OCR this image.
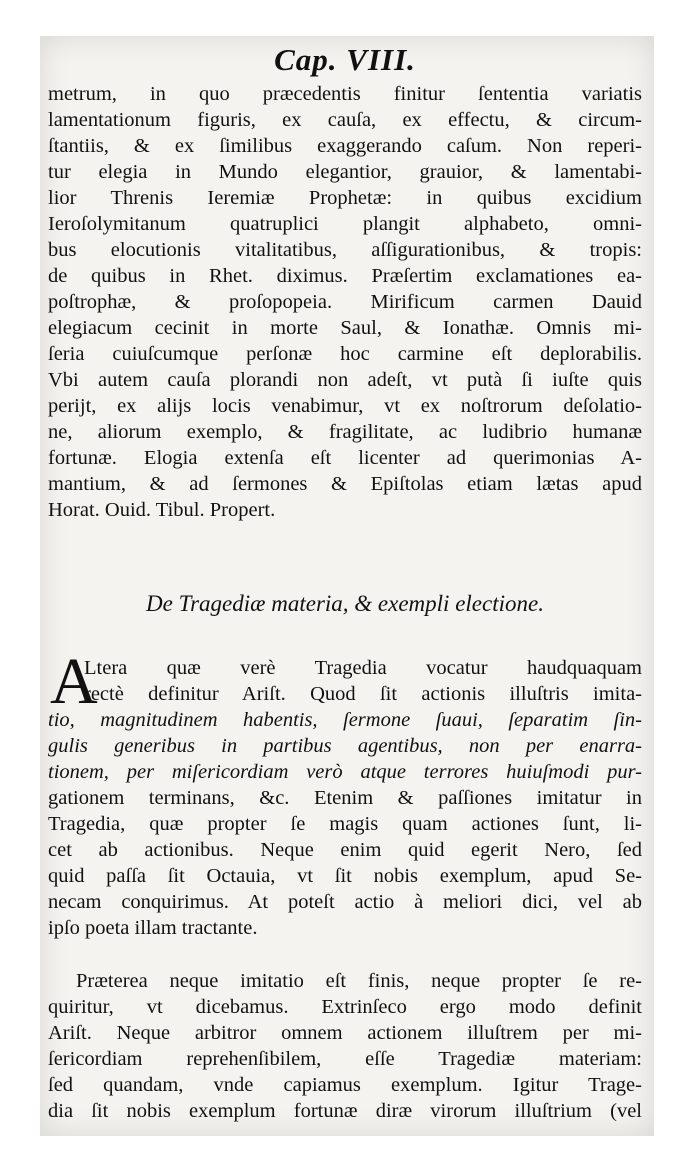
Cap. VIII.
metrum, in quo præcedentis finitur ſententia variatis
lamentationum figuris, ex cauſa, ex effectu, & circum-
ſtantiis, & ex ſimilibus exaggerando caſum. Non reperi-
tur elegia in Mundo elegantior, grauior, & lamentabi-
lior Threnis Ieremiæ Prophetæ: in quibus excidium
Ieroſolymitanum quatruplici plangit alphabeto, omni-
bus elocutionis vitalitatibus, aſſigurationibus, & tropis:
de quibus in Rhet. diximus. Præſertim exclamationes ea-
poſtrophæ, & proſopopeia. Mirificum carmen Dauid
elegiacum cecinit in morte Saul, & Ionathæ. Omnis mi-
ſeria cuiuſcumque perſonæ hoc carmine eſt deplorabilis.
Vbi autem cauſa plorandi non adeſt, vt putà ſi iuſte quis
perijt, ex alijs locis venabimur, vt ex noſtrorum deſolatio-
ne, aliorum exemplo, & fragilitate, ac ludibrio humanæ
fortunæ. Elogia extenſa eſt licenter ad querimonias A-
mantium, & ad ſermones & Epiſtolas etiam lætas apud
Horat. Ouid. Tibul. Propert.
De Tragediæ materia, & exempli electione.
A
Ltera quæ verè Tragedia vocatur haudquaquam
rectè definitur Ariſt. Quod ſit actionis illuſtris imita-
tio, magnitudinem habentis, ſermone ſuaui, ſeparatim ſin-
gulis generibus in partibus agentibus, non per enarra-
tionem, per miſericordiam verò atque terrores huiuſmodi pur-
gationem terminans, &c. Etenim & paſſiones imitatur in
Tragedia, quæ propter ſe magis quam actiones ſunt, li-
cet ab actionibus. Neque enim quid egerit Nero, ſed
quid paſſa ſit Octauia, vt ſit nobis exemplum, apud Se-
necam conquirimus. At poteſt actio à meliori dici, vel ab
ipſo poeta illam tractante.
Præterea neque imitatio eſt finis, neque propter ſe re-
quiritur, vt dicebamus. Extrinſeco ergo modo definit
Ariſt. Neque arbitror omnem actionem illuſtrem per mi-
ſericordiam reprehenſibilem, eſſe Tragediæ materiam:
ſed quandam, vnde capiamus exemplum. Igitur Trage-
dia ſit nobis exemplum fortunæ diræ virorum illuſtrium (vel
